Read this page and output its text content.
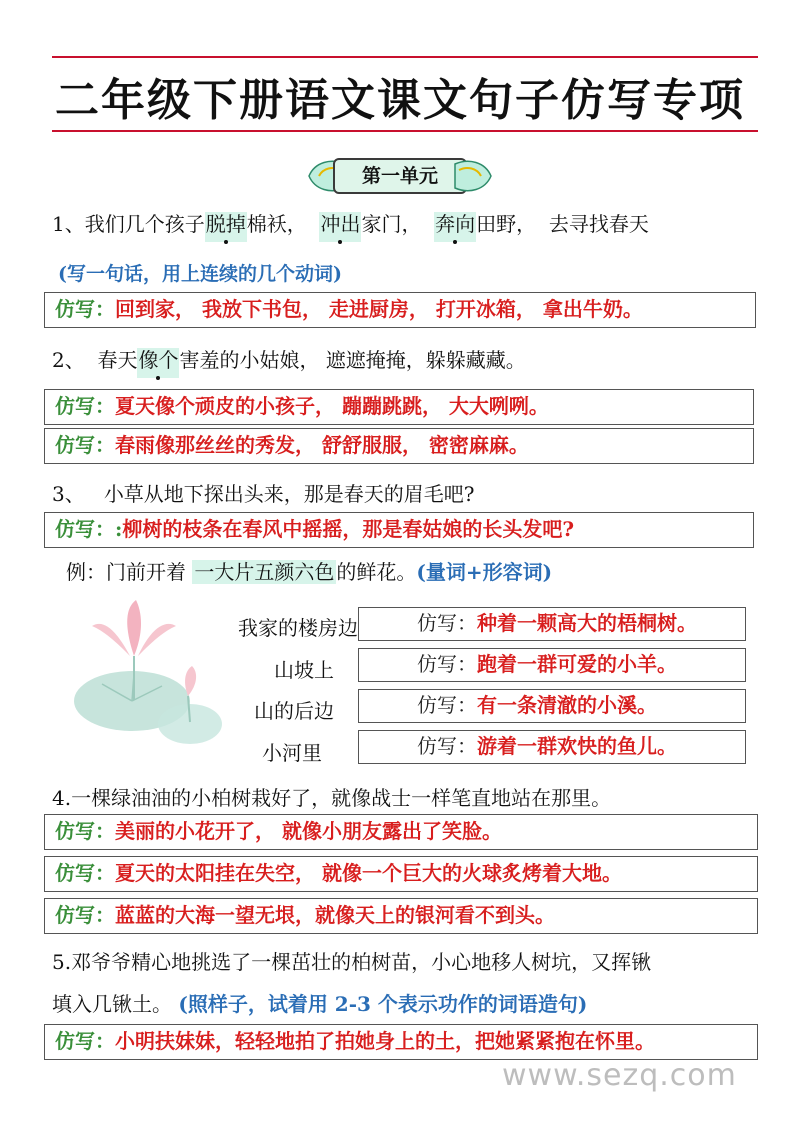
二年级下册语文课文句子仿写专项
第一单元
1、我们几个孩子脱掉
棉袄， 冲出
家门， 奔向
田野， 去寻找春天
(写一句话，用上连续的几个动词)
仿写：回到家， 我放下书包， 走进厨房， 打开冰箱， 拿出牛奶。
2、 春天像个
害羞的小姑娘， 遮遮掩掩，躲躲藏藏。
仿写：夏天像个顽皮的小孩子， 蹦蹦跳跳， 大大咧咧。
仿写：春雨像那丝丝的秀发， 舒舒服服， 密密麻麻。
3、 小草从地下探出头来，那是春天的眉毛吧?
仿写：:柳树的枝条在春风中摇摇，那是春姑娘的长头发吧?
例：门前开着 一大片五颜六色 的鲜花。(量词+形容词)
我家的楼房边	仿写：种着一颗高大的梧桐树。
山坡上	仿写：跑着一群可爱的小羊。
山的后边	仿写：有一条清澈的小溪。
小河里	仿写：游着一群欢快的鱼儿。
4.一棵绿油油的小柏树栽好了，就像战士一样笔直地站在那里。
仿写：美丽的小花开了， 就像小朋友露出了笑脸。
仿写：夏天的太阳挂在失空， 就像一个巨大的火球炙烤着大地。
仿写：蓝蓝的大海一望无垠，就像天上的银河看不到头。
5.邓爷爷精心地挑选了一棵茁壮的柏树苗，小心地移人树坑，又挥锹
填入几锹土。 (照样子，试着用 2-3 个表示功作的词语造句)
仿写：小明扶妹妹，轻轻地拍了拍她身上的土，把她紧紧抱在怀里。
www.sezq.com
